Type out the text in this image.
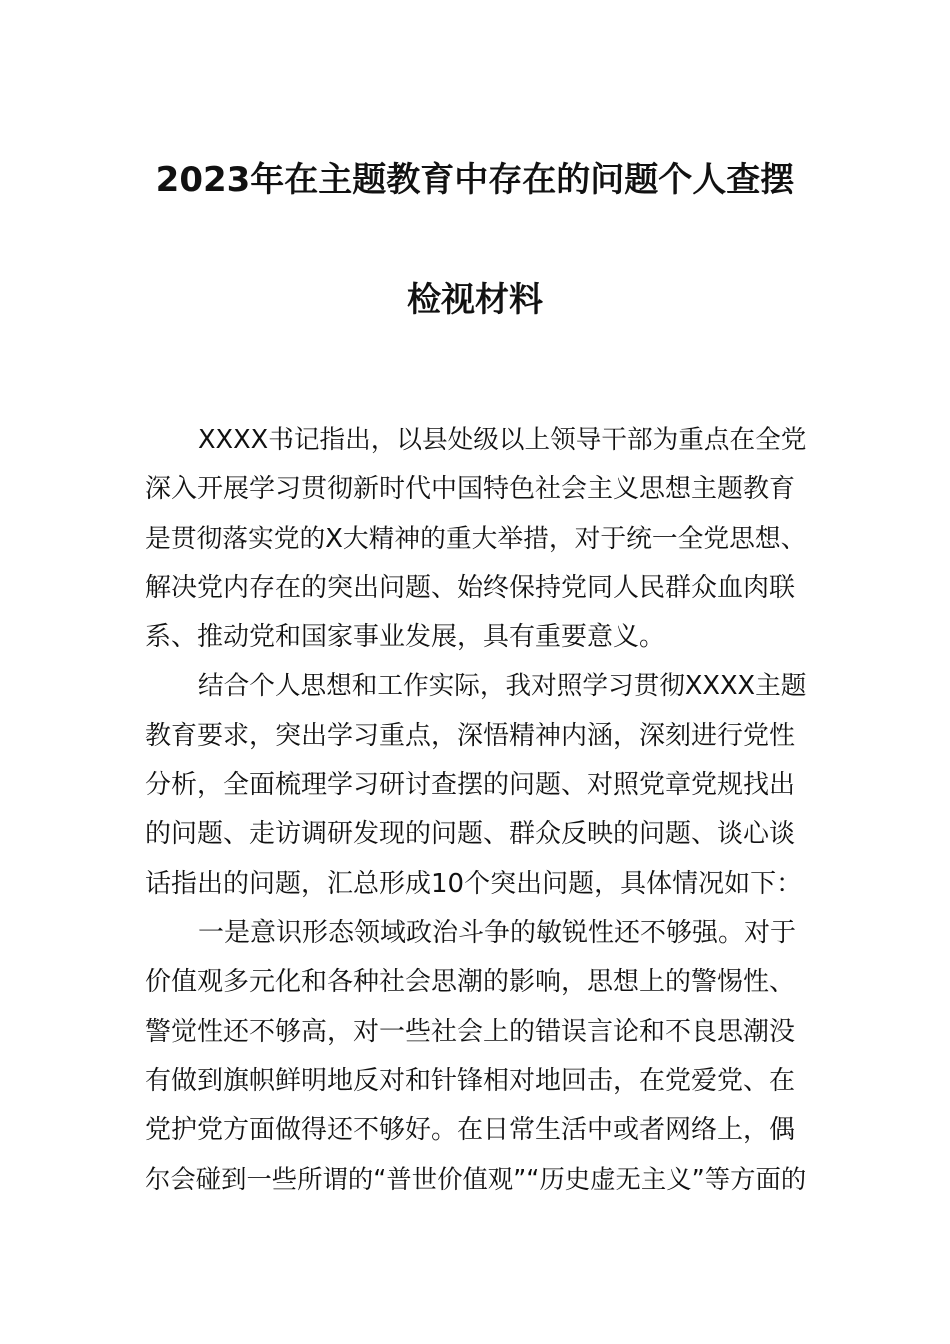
2023年在主题教育中存在的问题个人查摆
检视材料
XXXX书记指出，以县处级以上领导干部为重点在全党
深入开展学习贯彻新时代中国特色社会主义思想主题教育
是贯彻落实党的X大精神的重大举措，对于统一全党思想、
解决党内存在的突出问题、始终保持党同人民群众血肉联
系、推动党和国家事业发展，具有重要意义。
结合个人思想和工作实际，我对照学习贯彻XXXX主题
教育要求，突出学习重点，深悟精神内涵，深刻进行党性
分析，全面梳理学习研讨查摆的问题、对照党章党规找出
的问题、走访调研发现的问题、群众反映的问题、谈心谈
话指出的问题，汇总形成10个突出问题，具体情况如下：
一是意识形态领域政治斗争的敏锐性还不够强。对于
价值观多元化和各种社会思潮的影响，思想上的警惕性、
警觉性还不够高，对一些社会上的错误言论和不良思潮没
有做到旗帜鲜明地反对和针锋相对地回击，在党爱党、在
党护党方面做得还不够好。在日常生活中或者网络上，偶
尔会碰到一些所谓的“普世价值观”“历史虚无主义”等方面的
